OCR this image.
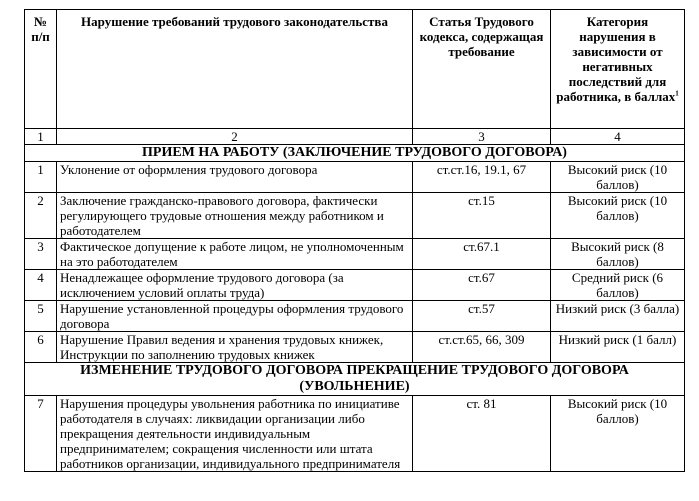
№ п/п	Нарушение требований трудового законодательства	Статья Трудового кодекса, содержащая требование	Категория нарушения в зависимости от негативных последствий для работника, в баллах$^1$
1	2	3	4
ПРИЕМ НА РАБОТУ (ЗАКЛЮЧЕНИЕ ТРУДОВОГО ДОГОВОРА)			
1	Уклонение от оформления трудового договора	ст.ст.16, 19.1, 67	Высокий риск (10 баллов)
2	Заключение гражданско-правового договора, фактически регулирующего трудовые отношения между работником и работодателем	ст.15	Высокий риск (10 баллов)
3	Фактическое допущение к работе лицом, не уполномоченным на это работодателем	ст.67.1	Высокий риск (8 баллов)
4	Ненадлежащее оформление трудового договора (за исключением условий оплаты труда)	ст.67	Средний риск (6 баллов)
5	Нарушение установленной процедуры оформления трудового договора	ст.57	Низкий риск (3 балла)
6	Нарушение Правил ведения и хранения трудовых книжек, Инструкции по заполнению трудовых книжек	ст.ст.65, 66, 309	Низкий риск (1 балл)
ИЗМЕНЕНИЕ ТРУДОВОГО ДОГОВОРА ПРЕКРАЩЕНИЕ ТРУДОВОГО ДОГОВОРА (УВОЛЬНЕНИЕ)			
7	Нарушения процедуры увольнения работника по инициативе работодателя в случаях: ликвидации организации либо прекращения деятельности индивидуальным предпринимателем; сокращения численности или штата работников организации, индивидуального предпринимателя	ст. 81	Высокий риск (10 баллов)
